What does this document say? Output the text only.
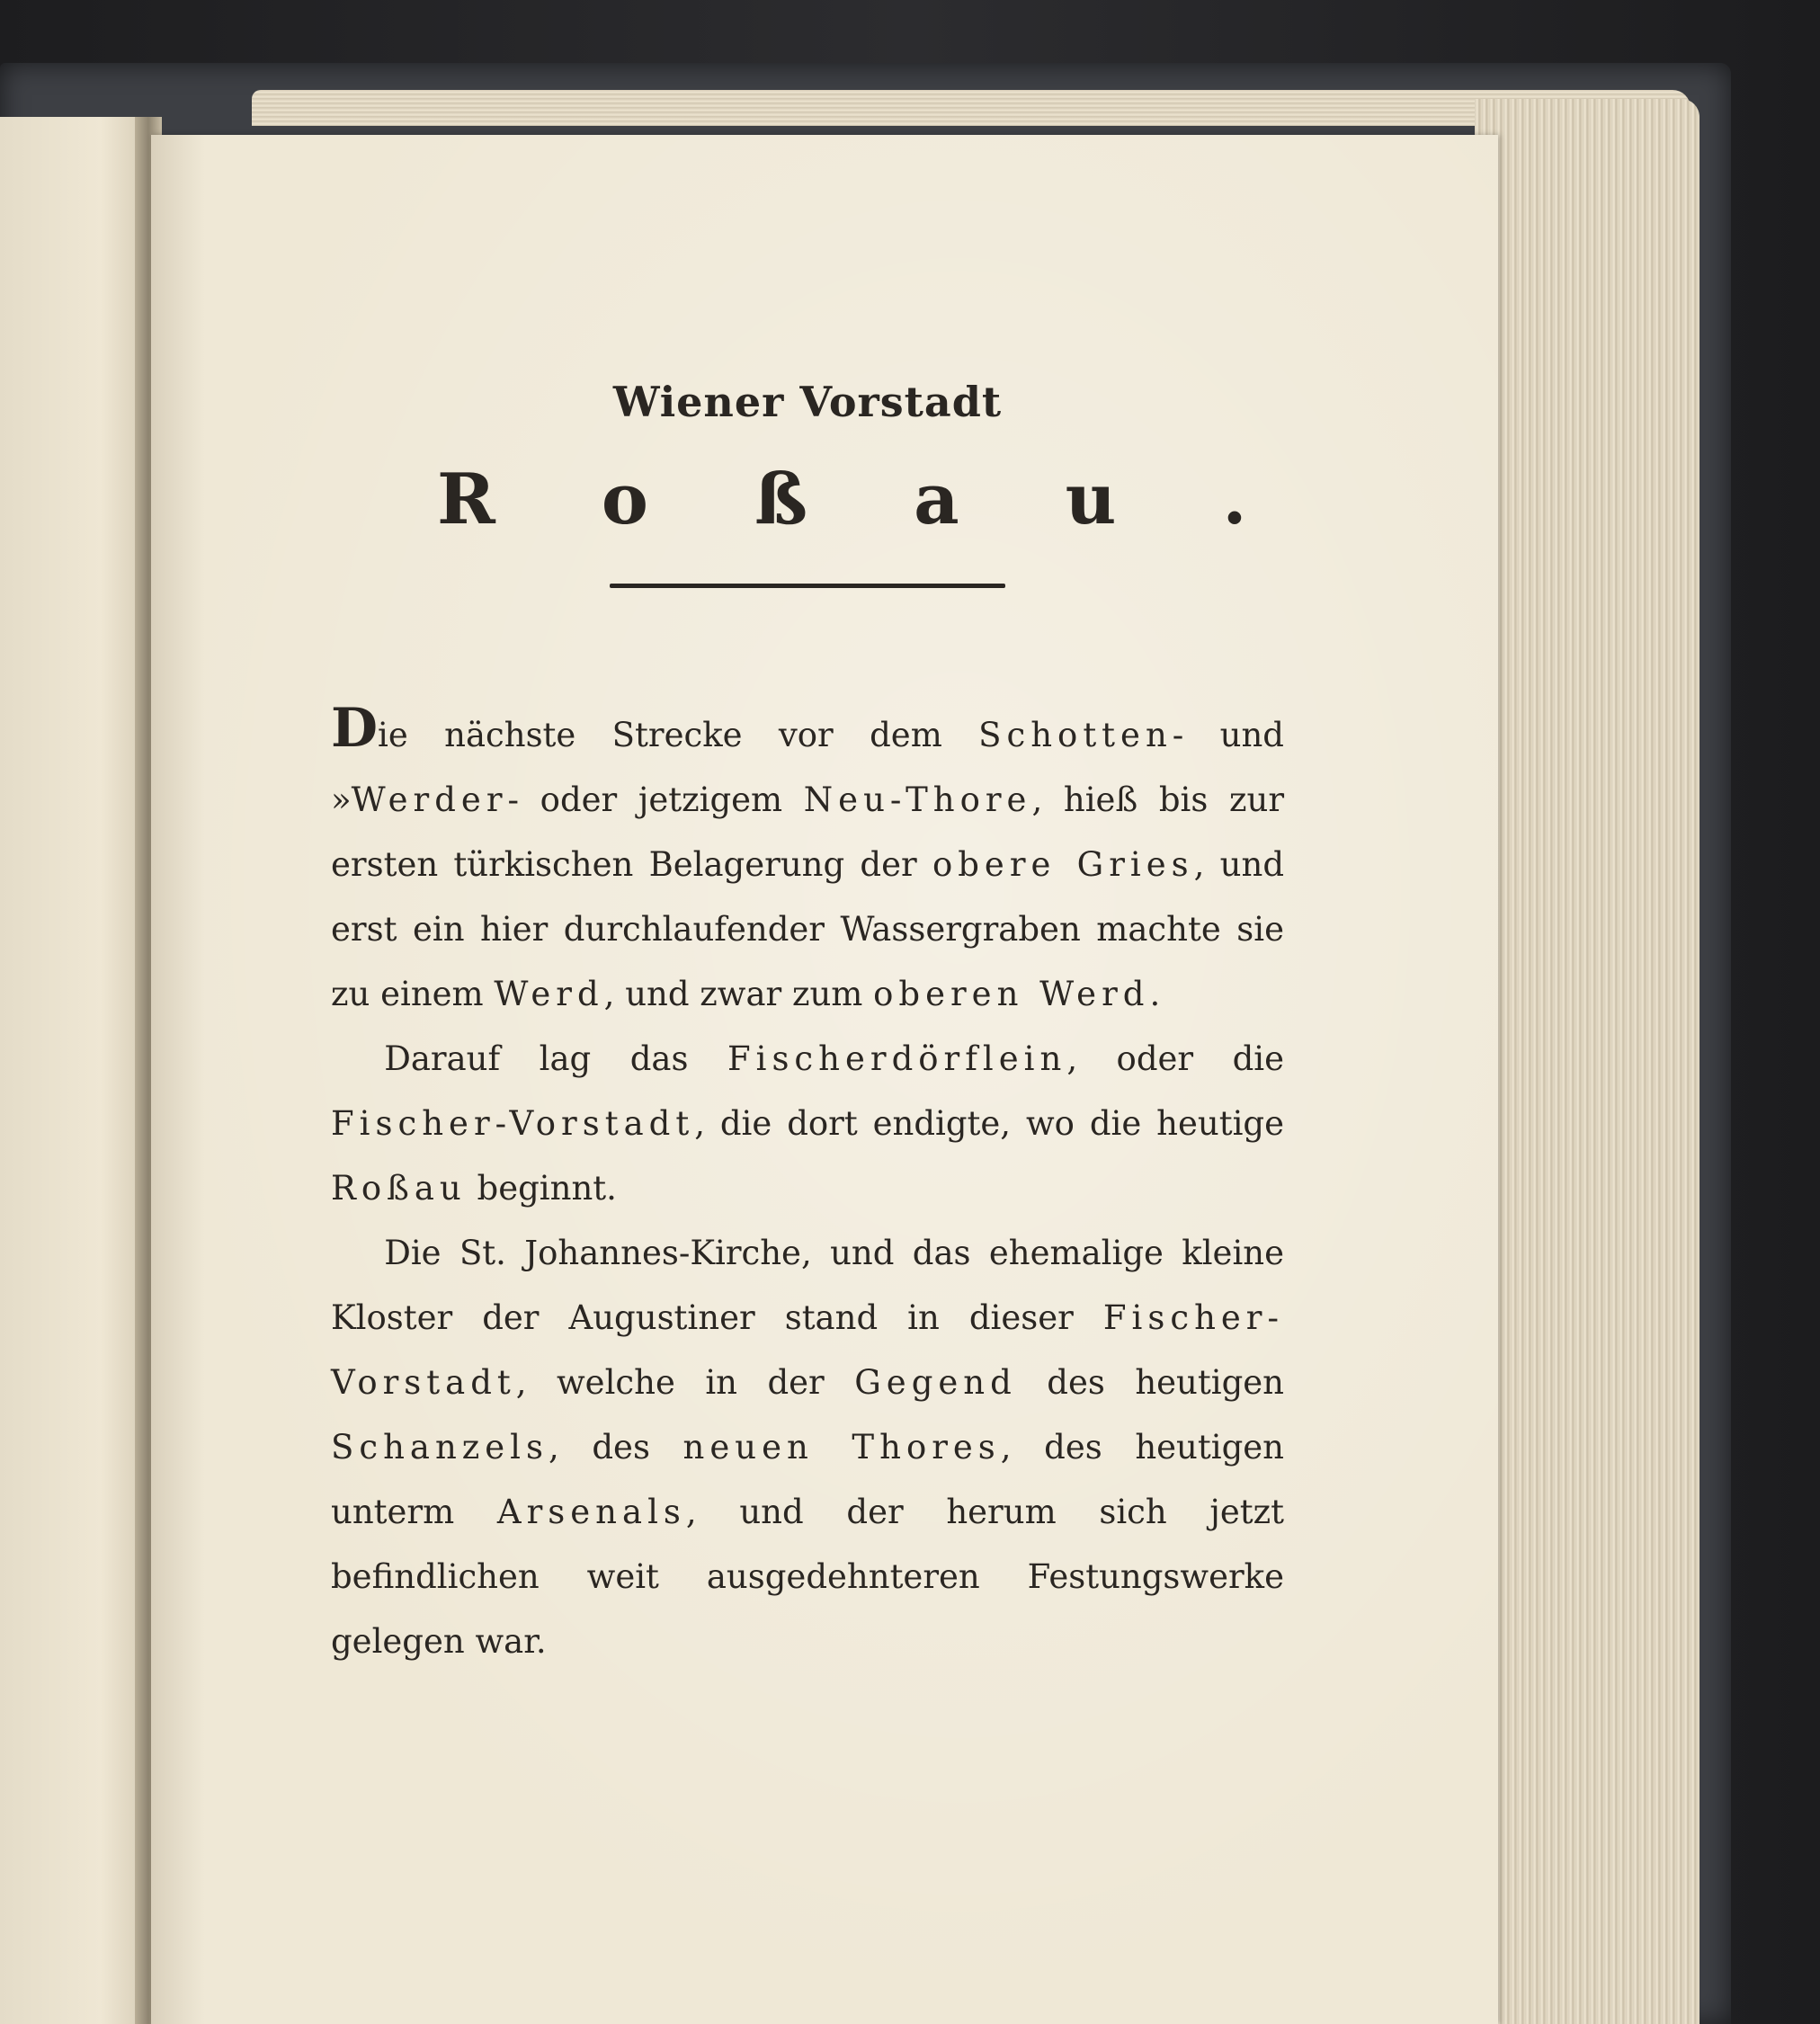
Wiener Vorstadt
Roßau.

Die nächste Strecke vor dem Schotten- und »Werder- oder jetzigem Neu-Thore, hieß bis zur ersten türkischen Belagerung der obere Gries, und erst ein hier durchlaufender Wassergraben machte sie zu einem Werd, und zwar zum oberen Werd.

Darauf lag das Fischerdörflein, oder die Fischer-Vorstadt, die dort endigte, wo die heutige Roßau beginnt.

Die St. Johannes-Kirche, und das ehemalige kleine Kloster der Augustiner stand in dieser Fischer-Vorstadt, welche in der Gegend des heutigen Schanzels, des neuen Thores, des heutigen unterm Arsenals, und der herum sich jetzt befindlichen weit ausgedehnteren Festungswerke gelegen war.
